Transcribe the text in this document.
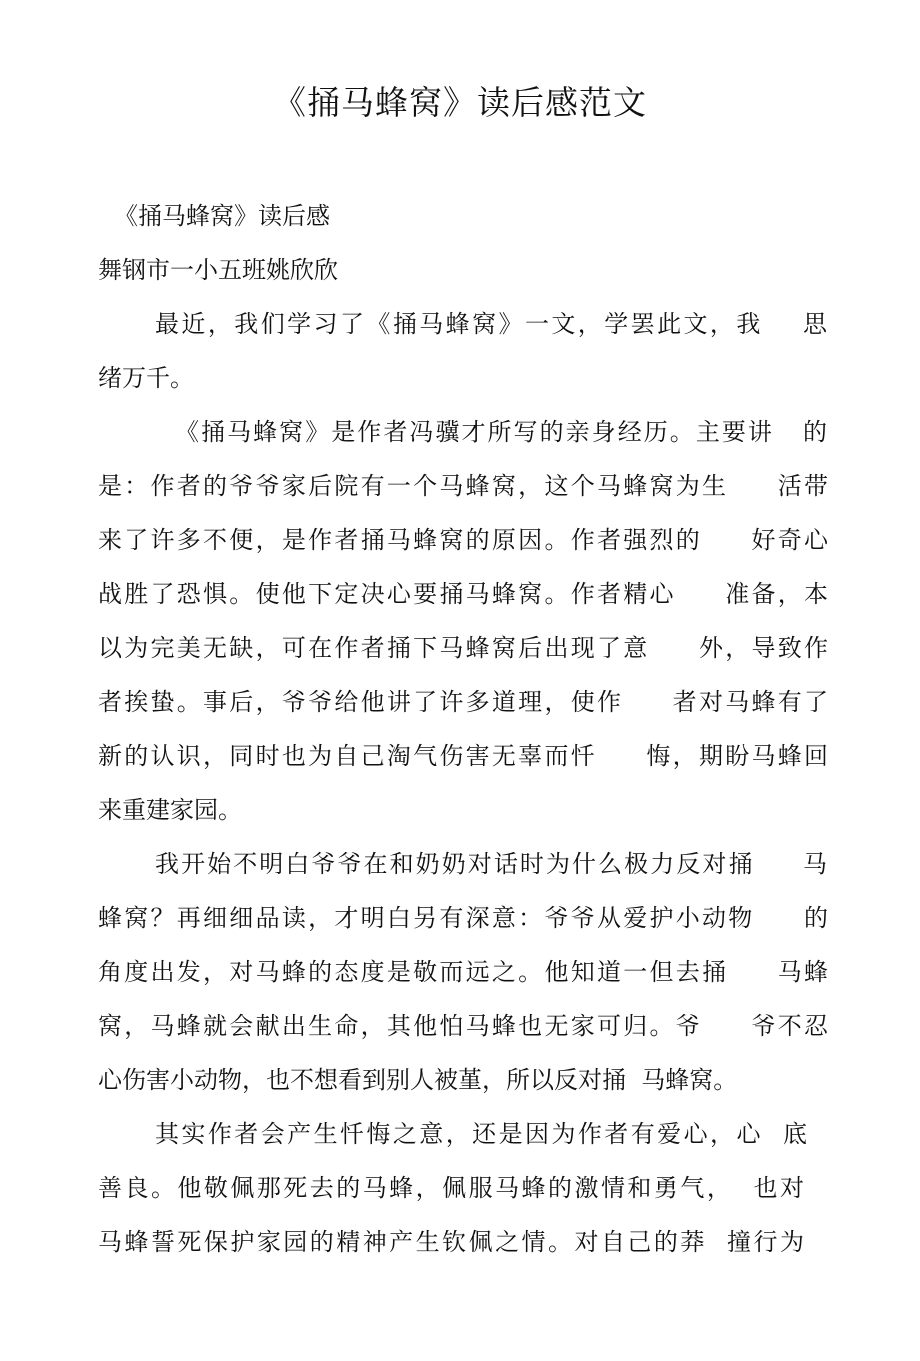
《捅马蜂窝》读后感范文
《捅马蜂窝》读后感
舞钢市一小五班姚欣欣
最近，我们学习了《捅马蜂窝》一文，学罢此文，我    思
绪万千。
《捅马蜂窝》是作者冯骥才所写的亲身经历。主要讲   的
是：作者的爷爷家后院有一个马蜂窝，这个马蜂窝为生     活带
来了许多不便，是作者捅马蜂窝的原因。作者强烈的     好奇心
战胜了恐惧。使他下定决心要捅马蜂窝。作者精心     准备，本
以为完美无缺，可在作者捅下马蜂窝后出现了意     外，导致作
者挨蛰。事后，爷爷给他讲了许多道理，使作     者对马蜂有了
新的认识，同时也为自己淘气伤害无辜而忏     悔，期盼马蜂回
来重建家园。
我开始不明白爷爷在和奶奶对话时为什么极力反对捅     马
蜂窝？再细细品读，才明白另有深意：爷爷从爱护小动物     的
角度出发，对马蜂的态度是敬而远之。他知道一但去捅     马蜂
窝，马蜂就会献出生命，其他怕马蜂也无家可归。爷     爷不忍
心伤害小动物，也不想看到别人被堇，所以反对捅  马蜂窝。
其实作者会产生忏悔之意，还是因为作者有爱心，心  底
善良。他敬佩那死去的马蜂，佩服马蜂的激情和勇气，  也对
马蜂誓死保护家园的精神产生钦佩之情。对自己的莽  撞行为
